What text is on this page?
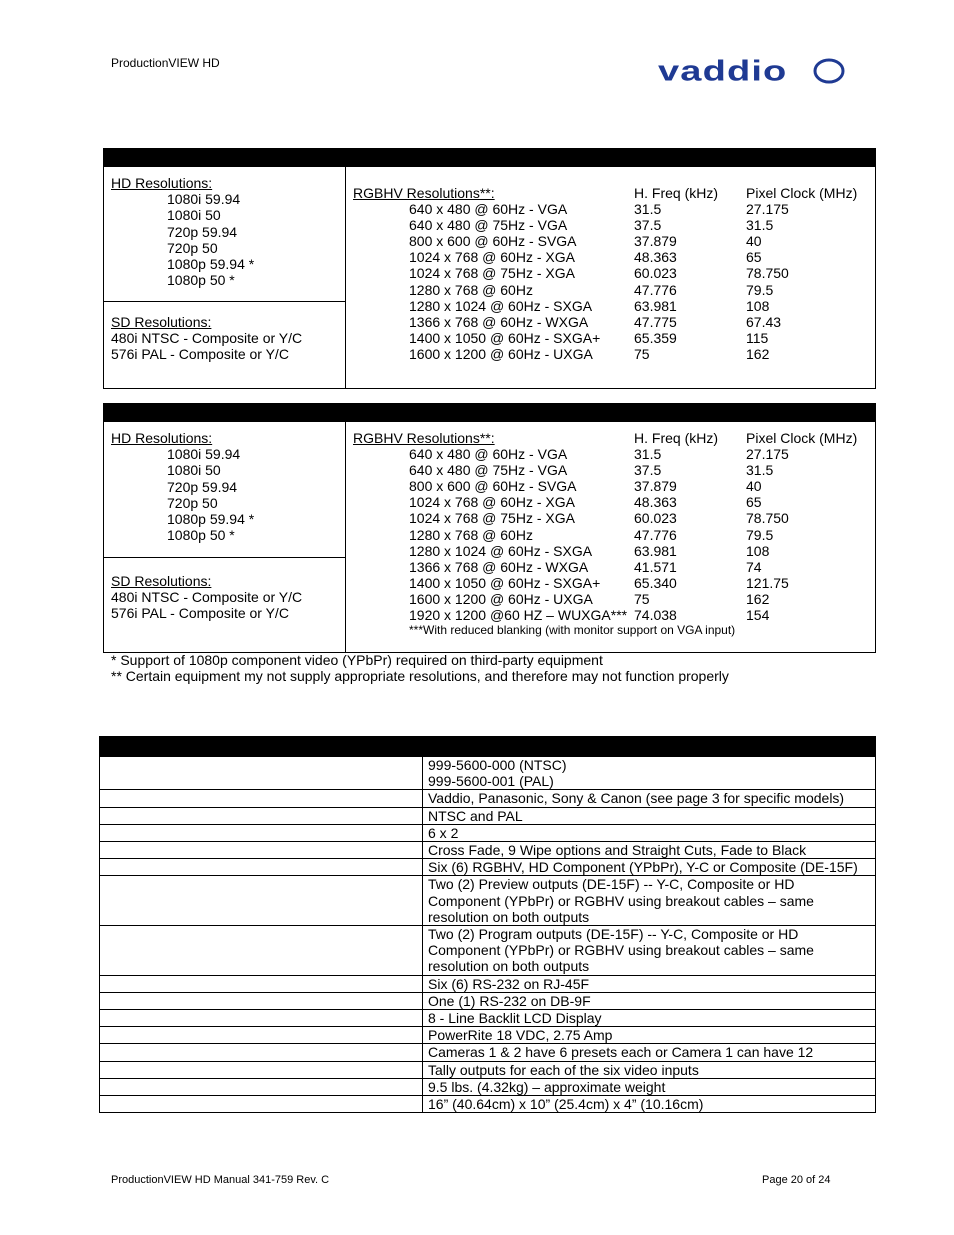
ProductionVIEW HD	vaddio
HD Resolutions:
1080i 59.94
1080i 50
720p 59.94
720p 50
1080p 59.94 *
1080p 50 *
SD Resolutions:
480i NTSC - Composite or Y/C
576i PAL - Composite or Y/C
RGBHV Resolutions**:	H. Freq (kHz)	Pixel Clock (MHz)
640 x 480 @ 60Hz - VGA	31.5	27.175
640 x 480 @ 75Hz - VGA	37.5	31.5
800 x 600 @ 60Hz - SVGA	37.879	40
1024 x 768 @ 60Hz - XGA	48.363	65
1024 x 768 @ 75Hz - XGA	60.023	78.750
1280 x 768 @ 60Hz	47.776	79.5
1280 x 1024 @ 60Hz - SXGA	63.981	108
1366 x 768 @ 60Hz - WXGA	47.775	67.43
1400 x 1050 @ 60Hz - SXGA+	65.359	115
1600 x 1200 @ 60Hz - UXGA	75	162
HD Resolutions:
1080i 59.94
1080i 50
720p 59.94
720p 50
1080p 59.94 *
1080p 50 *
SD Resolutions:
480i NTSC - Composite or Y/C
576i PAL - Composite or Y/C
RGBHV Resolutions**:	H. Freq (kHz)	Pixel Clock (MHz)
640 x 480 @ 60Hz - VGA	31.5	27.175
640 x 480 @ 75Hz - VGA	37.5	31.5
800 x 600 @ 60Hz - SVGA	37.879	40
1024 x 768 @ 60Hz - XGA	48.363	65
1024 x 768 @ 75Hz - XGA	60.023	78.750
1280 x 768 @ 60Hz	47.776	79.5
1280 x 1024 @ 60Hz - SXGA	63.981	108
1366 x 768 @ 60Hz - WXGA	41.571	74
1400 x 1050 @ 60Hz - SXGA+	65.340	121.75
1600 x 1200 @ 60Hz - UXGA	75	162
1920 x 1200 @60 HZ – WUXGA*** 74.038	154
***With reduced blanking (with monitor support on VGA input)
* Support of 1080p component video (YPbPr) required on third-party equipment
** Certain equipment my not supply appropriate resolutions, and therefore may not function properly

	999-5600-000 (NTSC)
999-5600-001 (PAL)

	Vaddio, Panasonic, Sony & Canon (see page 3 for specific models)
	NTSC and PAL
	6 x 2
	Cross Fade, 9 Wipe options and Straight Cuts, Fade to Black
	Six (6) RGBHV, HD Component (YPbPr), Y-C or Composite (DE-15F)

	Two (2) Preview outputs (DE-15F) -- Y-C, Composite or HD
Component (YPbPr) or RGBHV using breakout cables – same
resolution on both outputs

	Two (2) Program outputs (DE-15F) -- Y-C, Composite or HD
Component (YPbPr) or RGBHV using breakout cables – same
resolution on both outputs

	Six (6) RS-232 on RJ-45F
	One (1) RS-232 on DB-9F
	8 - Line Backlit LCD Display
	PowerRite 18 VDC, 2.75 Amp
	Cameras 1 & 2 have 6 presets each or Camera 1 can have 12
	Tally outputs for each of the six video inputs
	9.5 lbs. (4.32kg) – approximate weight
	16” (40.64cm) x 10” (25.4cm) x 4” (10.16cm)
ProductionVIEW HD Manual 341-759 Rev. C	Page 20 of 24
